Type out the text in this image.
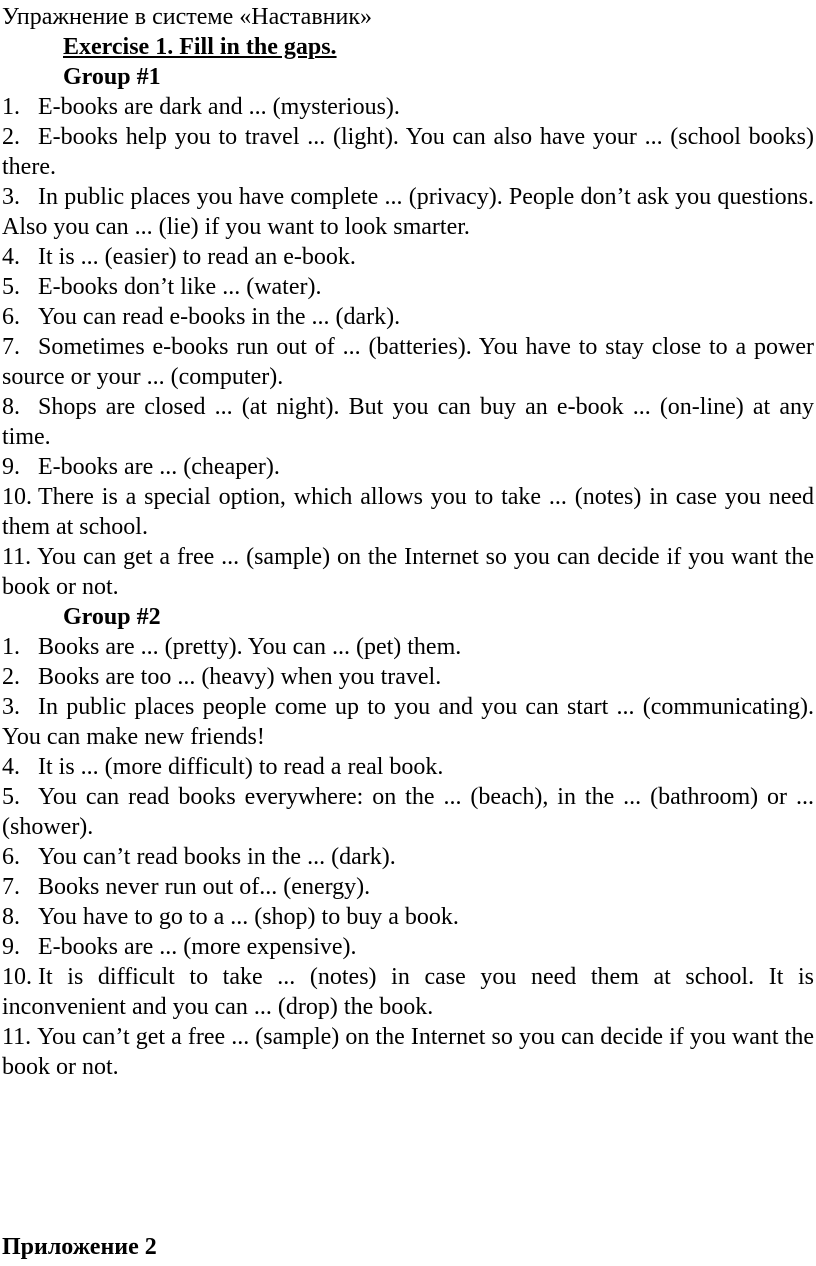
Упражнение в системе «Наставник»

Exercise 1. Fill in the gaps.

Group #1

1. E-books are dark and ... (mysterious).
2. E-books help you to travel ... (light). You can also have your ... (school books) there.
3. In public places you have complete ... (privacy). People don’t ask you questions. Also you can ... (lie) if you want to look smarter.
4. It is ... (easier) to read an e-book.
5. E-books don’t like ... (water).
6. You can read e-books in the ... (dark).
7. Sometimes e-books run out of ... (batteries). You have to stay close to a power source or your ... (computer).
8. Shops are closed ... (at night). But you can buy an e-book ... (on-line) at any time.
9. E-books are ... (cheaper).
10. There is a special option, which allows you to take ... (notes) in case you need them at school.
11. You can get a free ... (sample) on the Internet so you can decide if you want the book or not.

Group #2

1. Books are ... (pretty). You can ... (pet) them.
2. Books are too ... (heavy) when you travel.
3. In public places people come up to you and you can start ... (communicating). You can make new friends!
4. It is ... (more difficult) to read a real book.
5. You can read books everywhere: on the ... (beach), in the ... (bathroom) or ... (shower).
6. You can’t read books in the ... (dark).
7. Books never run out of... (energy).
8. You have to go to a ... (shop) to buy a book.
9. E-books are ... (more expensive).
10. It is difficult to take ... (notes) in case you need them at school. It is inconvenient and you can ... (drop) the book.
11. You can’t get a free ... (sample) on the Internet so you can decide if you want the book or not.

Приложение 2
